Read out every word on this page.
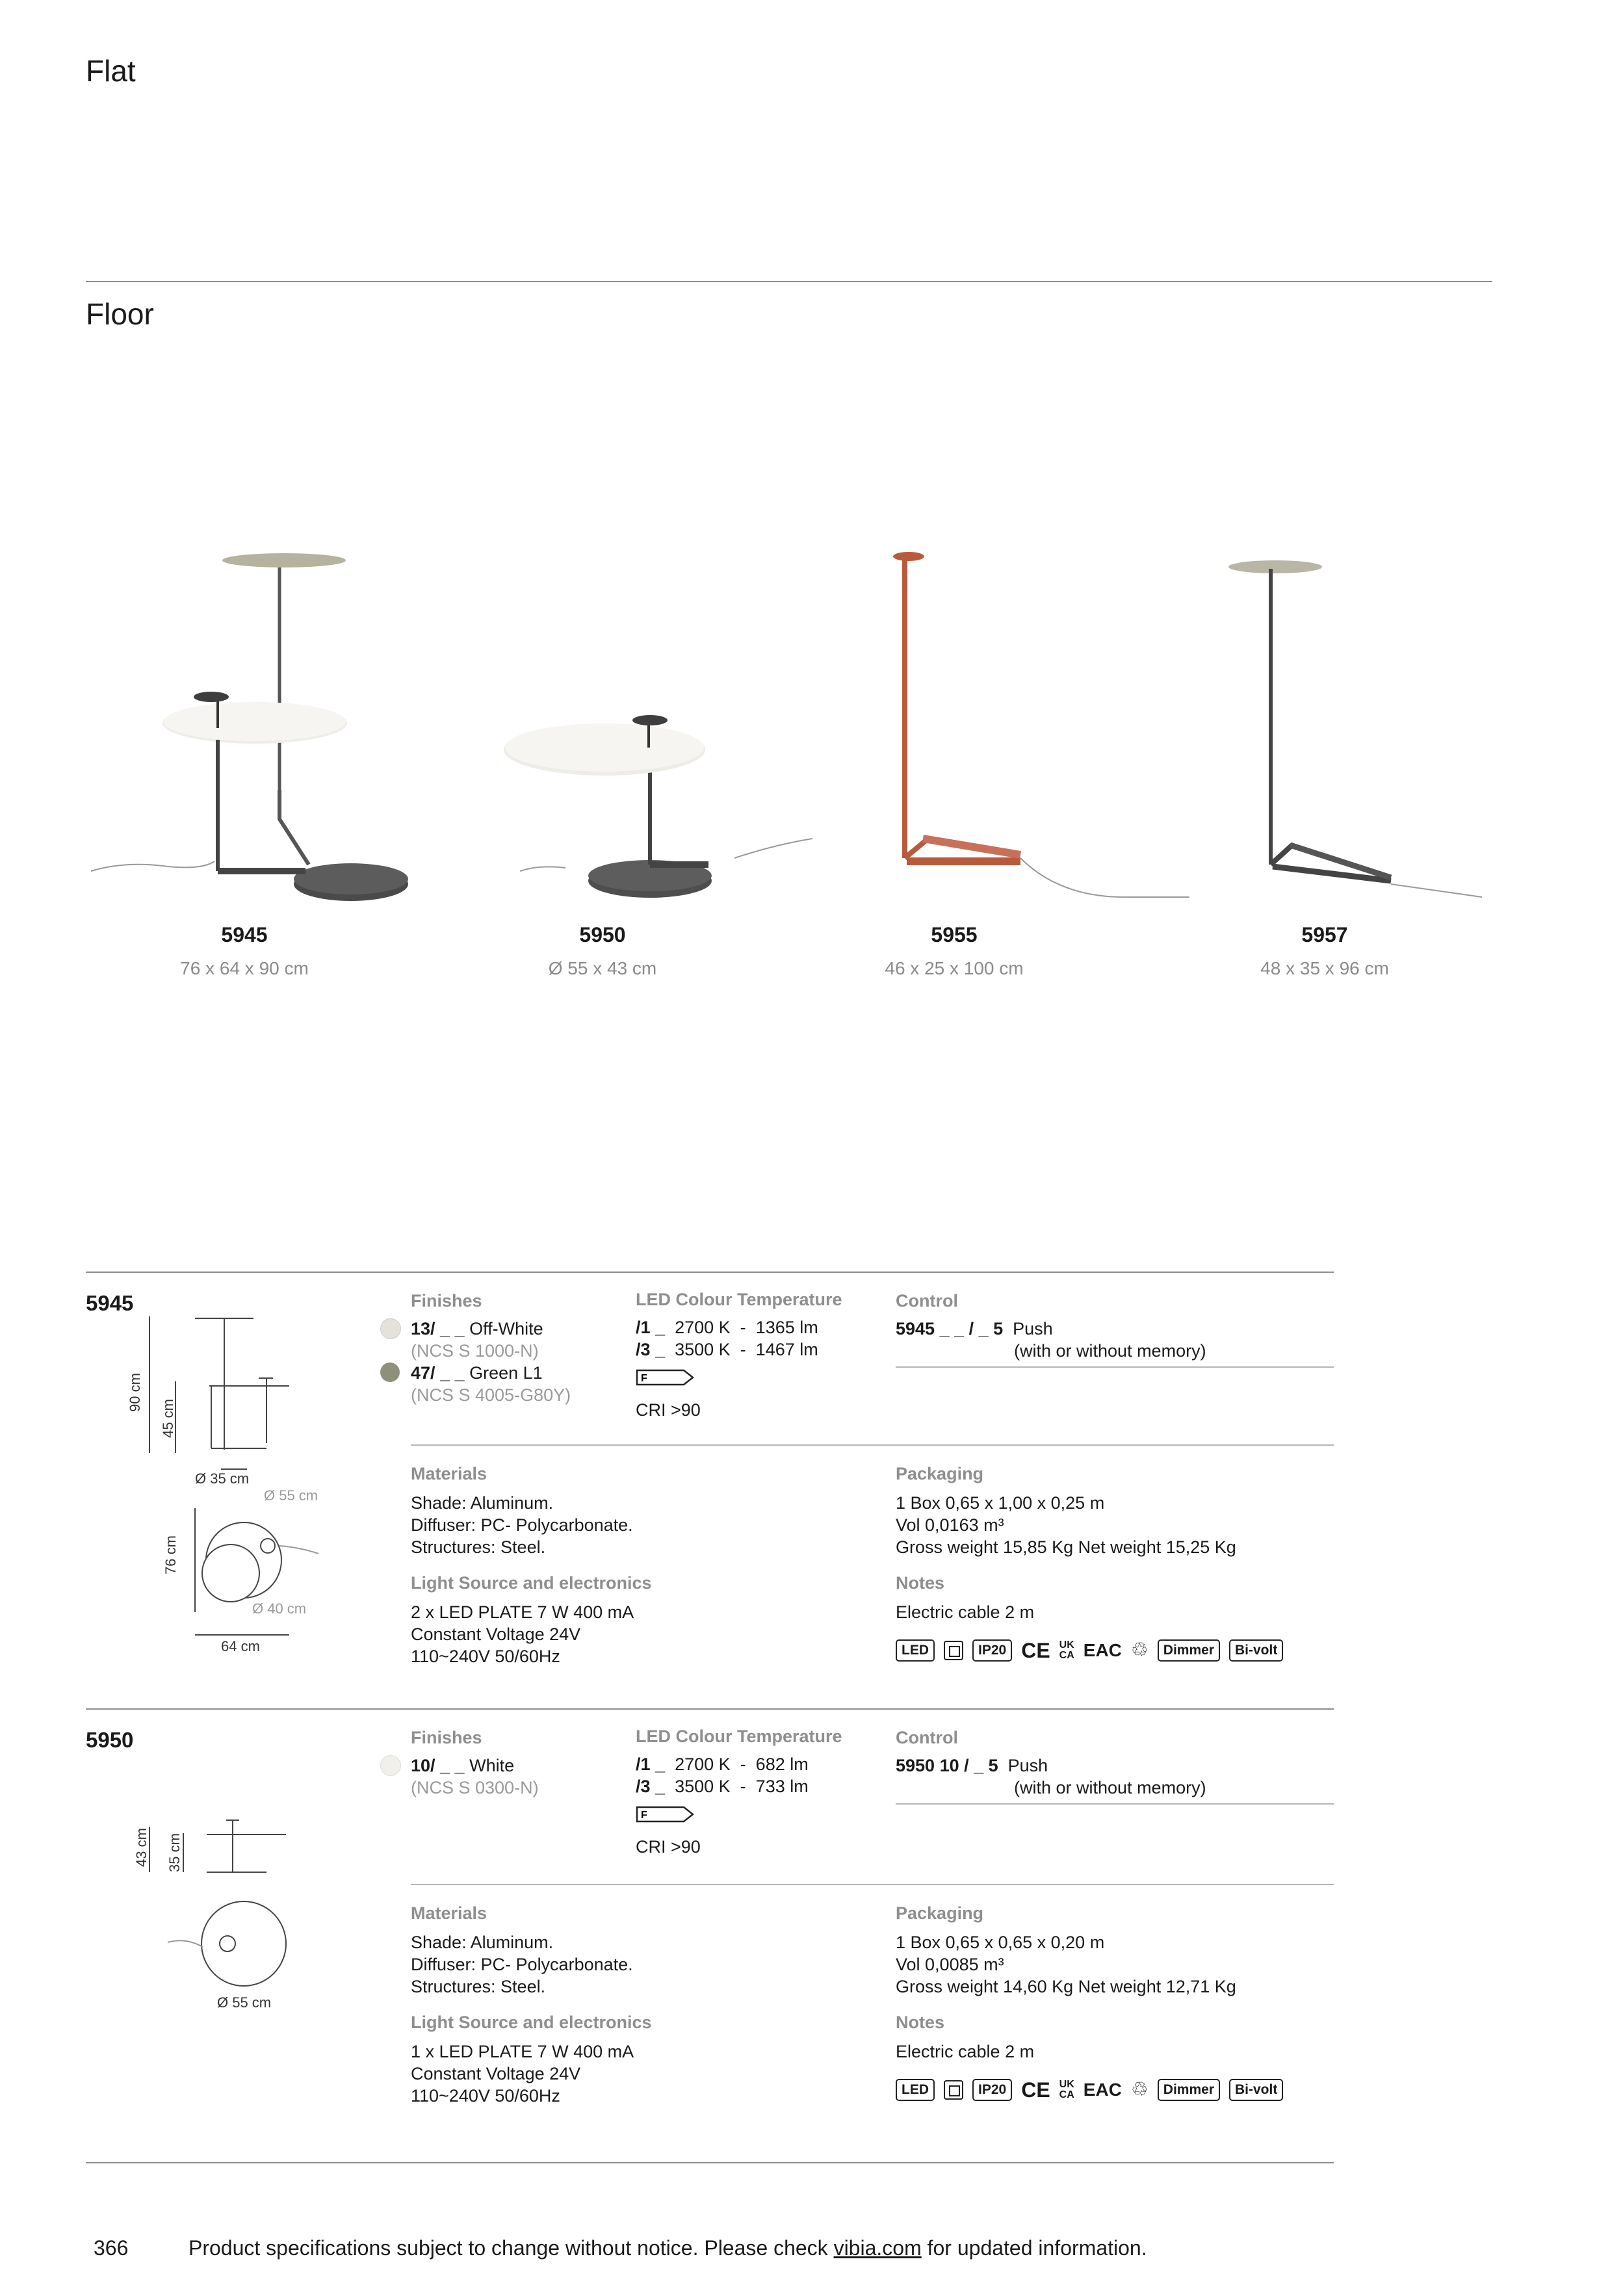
Flat
Floor
5945
76 x 64 x 90 cm
5950
Ø 55 x 43 cm
5955
46 x 25 x 100 cm
5957
48 x 35 x 96 cm
5945
90 cm
45 cm
Ø 35 cm
Ø 55 cm
Ø 40 cm
76 cm
64 cm
Finishes
13/ _ _ Off-White
(NCS S 1000-N)
47/ _ _ Green L1
(NCS S 4005-G80Y)
LED Colour Temperature
/1 _ 2700 K - 1365 lm
/3 _ 3500 K - 1467 lm
F
CRI >90
Control
5945 _ _ / _ 5 Push
(with or without memory)
Materials
Shade: Aluminum.
Diffuser: PC- Polycarbonate.
Structures: Steel.
Light Source and electronics
2 x LED PLATE 7 W 400 mA
Constant Voltage 24V
110~240V 50/60Hz
Packaging
1 Box 0,65 x 1,00 x 0,25 m
Vol 0,0163 m³
Gross weight 15,85 Kg Net weight 15,25 Kg
Notes
Electric cable 2 m
LED	IP20 CE UK
CA EAC ♲	Dimmer	Bi-volt
5950
43 cm 35 cm
Ø 55 cm
Finishes
10/ _ _ White
(NCS S 0300-N)
LED Colour Temperature
/1 _ 2700 K - 682 lm
/3 _ 3500 K - 733 lm
F
CRI >90
Control
5950 10 / _ 5 Push
(with or without memory)
Materials
Shade: Aluminum.
Diffuser: PC- Polycarbonate.
Structures: Steel.
Light Source and electronics
1 x LED PLATE 7 W 400 mA
Constant Voltage 24V
110~240V 50/60Hz
Packaging
1 Box 0,65 x 0,65 x 0,20 m
Vol 0,0085 m³
Gross weight 14,60 Kg Net weight 12,71 Kg
Notes
Electric cable 2 m
LED	IP20 CE UK
CA EAC ♲	Dimmer	Bi-volt
366	Product specifications subject to change without notice. Please check vibia.com for updated information.
